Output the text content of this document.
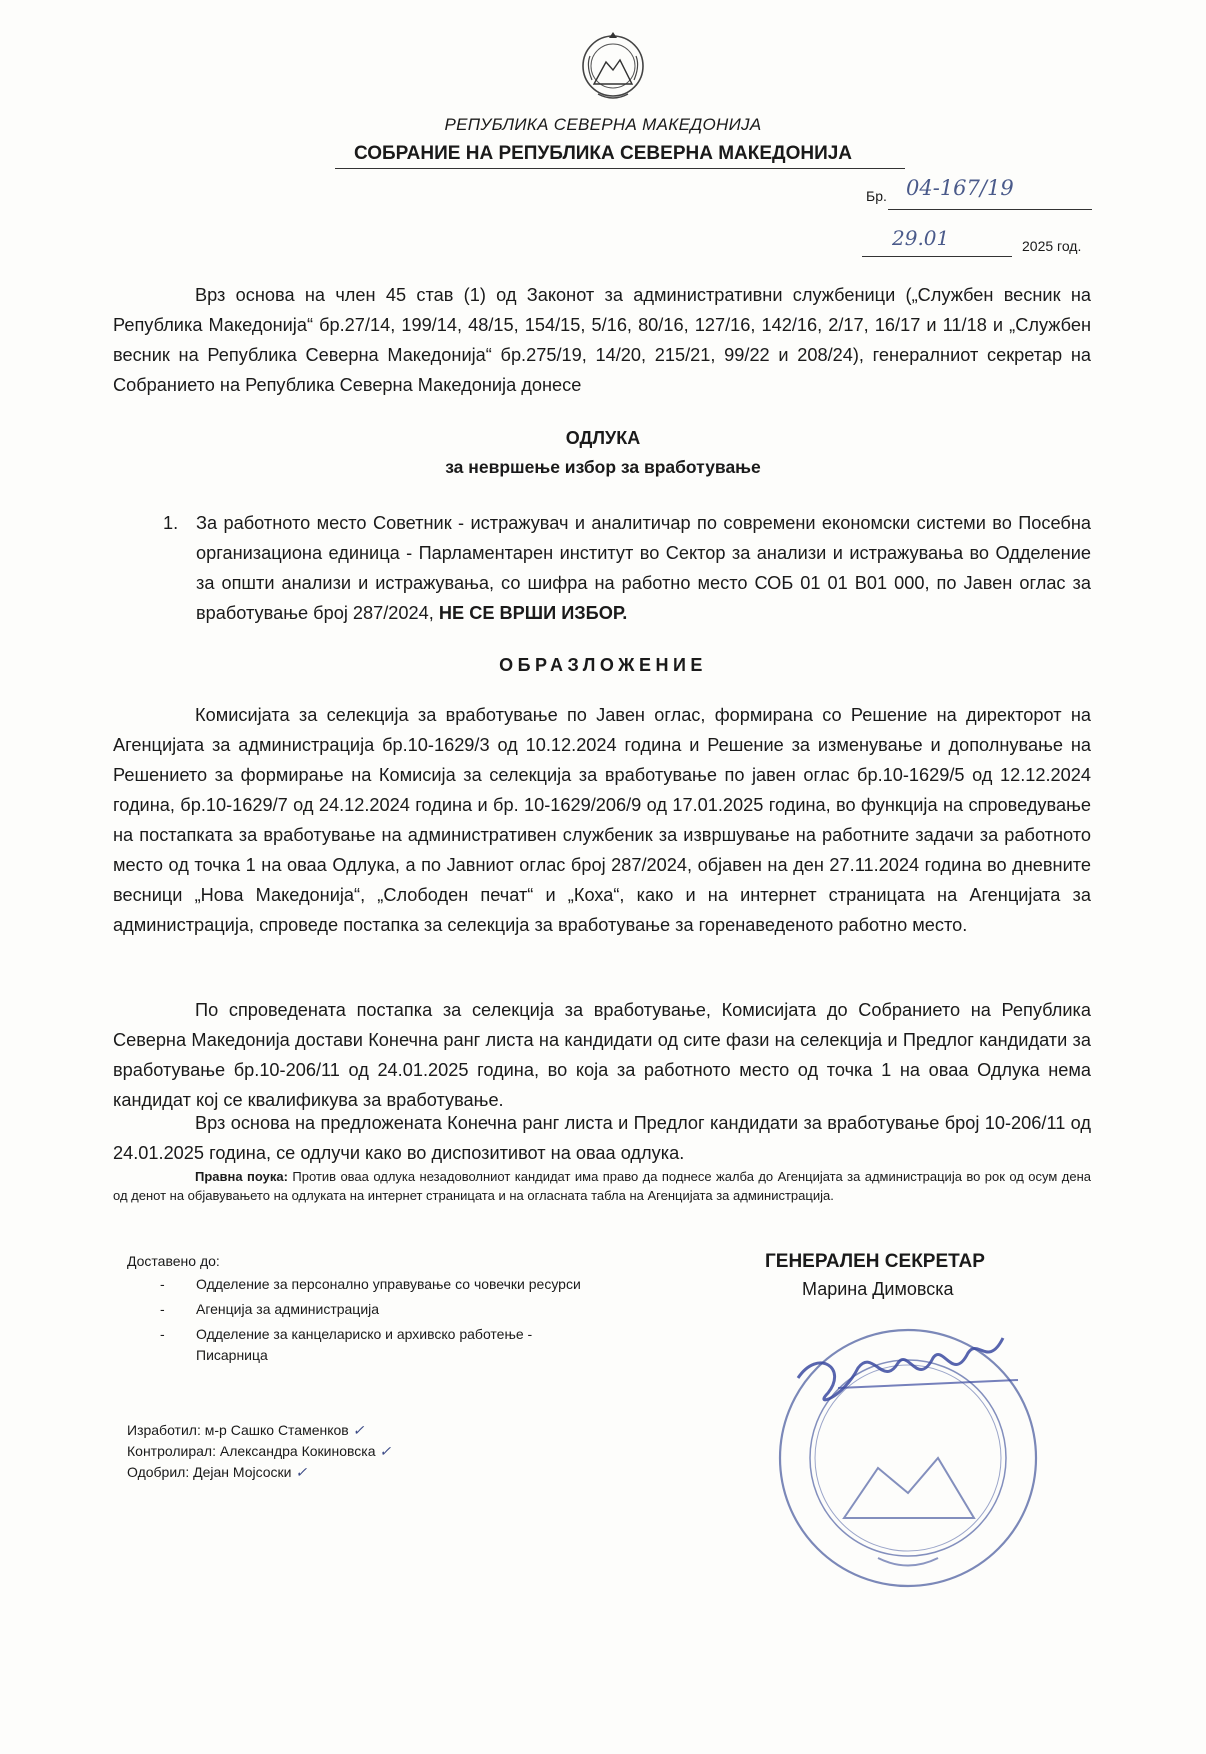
РЕПУБЛИКА СЕВЕРНА МАКЕДОНИЈА
СОБРАНИЕ НА РЕПУБЛИКА СЕВЕРНА МАКЕДОНИЈА
Бр. 04-167/19
29.01	2025 год.
Врз основа на член 45 став (1) од Законот за административни службеници („Службен весник на Република Македонија“ бр.27/14, 199/14, 48/15, 154/15, 5/16, 80/16, 127/16, 142/16, 2/17, 16/17 и 11/18 и „Службен весник на Република Северна Македонија“ бр.275/19, 14/20, 215/21, 99/22 и 208/24), генералниот секретар на Собранието на Република Северна Македонија донесе
ОДЛУКА
за невршење избор за вработување
1. За работното место Советник - истражувач и аналитичар по современи економски системи во Посебна организациона единица - Парламентарен институт во Сектор за анализи и истражувања во Одделение за општи анализи и истражувања, со шифра на работно место СОБ 01 01 В01 000, по Јавен оглас за вработување број 287/2024, НЕ СЕ ВРШИ ИЗБОР.
ОБРАЗЛОЖЕНИЕ
Комисијата за селекција за вработување по Јавен оглас, формирана со Решение на директорот на Агенцијата за администрација бр.10-1629/3 од 10.12.2024 година и Решение за изменување и дополнување на Решението за формирање на Комисија за селекција за вработување по јавен оглас бр.10-1629/5 од 12.12.2024 година, бр.10-1629/7 од 24.12.2024 година и бр. 10-1629/206/9 од 17.01.2025 година, во функција на спроведување на постапката за вработување на административен службеник за извршување на работните задачи за работното место од точка 1 на оваа Одлука, а по Јавниот оглас број 287/2024, објавен на ден 27.11.2024 година во дневните весници „Нова Македонија“, „Слободен печат“ и „Коха“, како и на интернет страницата на Агенцијата за администрација, спроведе постапка за селекција за вработување за горенаведеното работно место.
По спроведената постапка за селекција за вработување, Комисијата до Собранието на Република Северна Македонија достави Конечна ранг листа на кандидати од сите фази на селекција и Предлог кандидати за вработување бр.10-206/11 од 24.01.2025 година, во која за работното место од точка 1 на оваа Одлука нема кандидат кој се квалификува за вработување.
Врз основа на предложената Конечна ранг листа и Предлог кандидати за вработување број 10-206/11 од 24.01.2025 година, се одлучи како во диспозитивот на оваа одлука.
Правна поука: Против оваа одлука незадоволниот кандидат има право да поднесе жалба до Агенцијата за администрација во рок од осум дена од денот на објавувањето на одлуката на интернет страницата и на огласната табла на Агенцијата за администрација.
Доставено до:
- Одделение за персонално управување со човечки ресурси
- Агенција за администрација
- Одделение за канцелариско и архивско работење - Писарница
ГЕНЕРАЛЕН СЕКРЕТАР
Марина Димовска
Изработил: м-р Сашко Стаменков ✓
Контролирал: Александра Кокиновска ✓
Одобрил: Дејан Мојсоски ✓
